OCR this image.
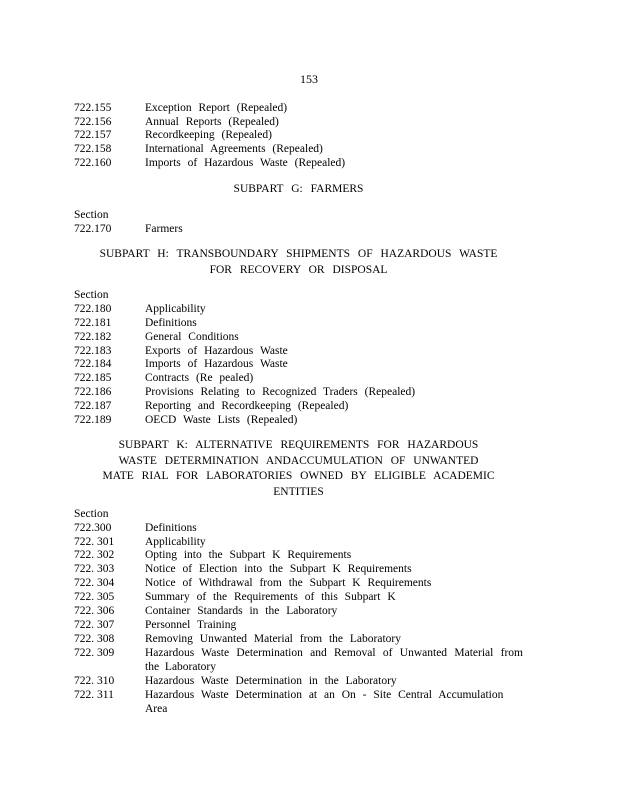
153
722.155	Exception Report (Repealed)
722.156	Annual Reports (Repealed)
722.157	Recordkeeping (Repealed)
722.158	International Agreements (Repealed)
722.160	Imports of Hazardous Waste (Repealed)
SUBPART G: FARMERS
Section
722.170	Farmers
SUBPART H: TRANSBOUNDARY SHIPMENTS OF HAZARDOUS WASTE
FOR RECOVERY OR DISPOSAL
Section
722.180	Applicability
722.181	Definitions
722.182	General Conditions
722.183	Exports of Hazardous Waste
722.184	Imports of Hazardous Waste
722.185	Contracts (Re pealed)
722.186	Provisions Relating to Recognized Traders (Repealed)
722.187	Reporting and Recordkeeping (Repealed)
722.189	OECD Waste Lists (Repealed)
SUBPART K: ALTERNATIVE REQUIREMENTS FOR HAZARDOUS
WASTE DETERMINATION ANDACCUMULATION OF UNWANTED
MATE RIAL FOR LABORATORIES OWNED BY ELIGIBLE ACADEMIC
ENTITIES
Section
722.300	Definitions
722. 301	Applicability
722. 302	Opting into the Subpart K Requirements
722. 303	Notice of Election into the Subpart K Requirements
722. 304	Notice of Withdrawal from the Subpart K Requirements
722. 305	Summary of the Requirements of this Subpart K
722. 306	Container Standards in the Laboratory
722. 307	Personnel Training
722. 308	Removing Unwanted Material from the Laboratory
722. 309	Hazardous Waste Determination and Removal of Unwanted Material from the Laboratory
722. 310	Hazardous Waste Determination in the Laboratory
722. 311	Hazardous Waste Determination at an On - Site Central Accumulation Area
